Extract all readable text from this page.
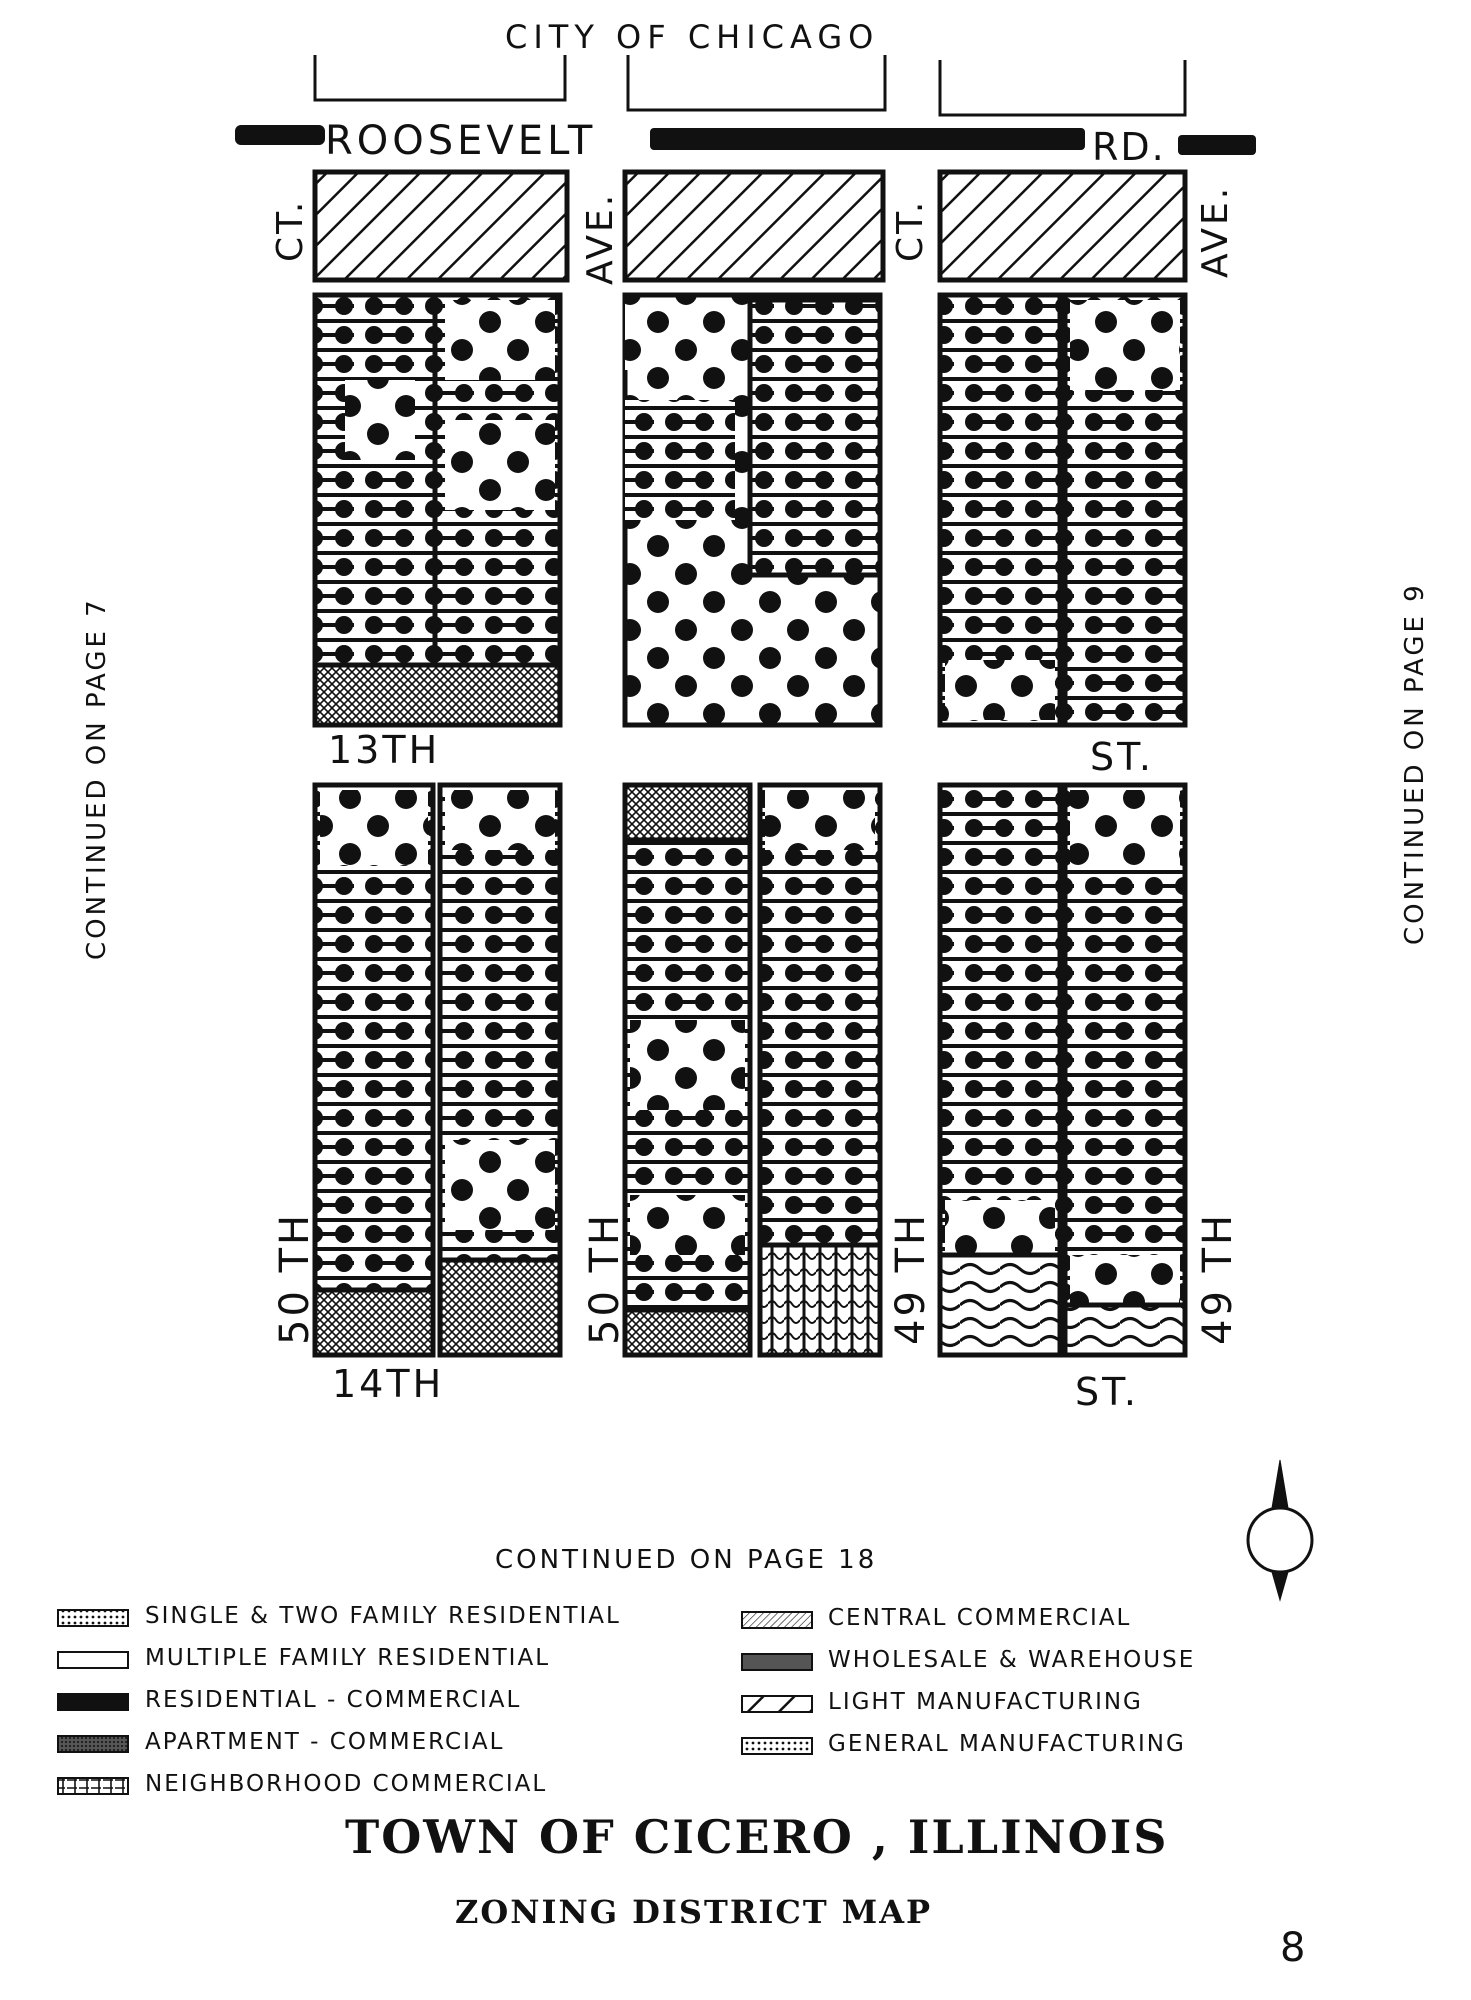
CITY OF CHICAGO
ROOSEVELT	RD.
CT.	AVE.	CT.	AVE.
13TH	ST.
14TH	ST.
50 TH	50 TH	49 TH	49 TH
CONTINUED ON PAGE 7	CONTINUED ON PAGE 9
CONTINUED ON PAGE 18
SINGLE & TWO FAMILY RESIDENTIAL
MULTIPLE FAMILY RESIDENTIAL
RESIDENTIAL - COMMERCIAL
APARTMENT - COMMERCIAL
NEIGHBORHOOD COMMERCIAL
CENTRAL COMMERCIAL
WHOLESALE & WAREHOUSE
LIGHT MANUFACTURING
GENERAL MANUFACTURING
TOWN OF CICERO , ILLINOIS
ZONING DISTRICT MAP
8
